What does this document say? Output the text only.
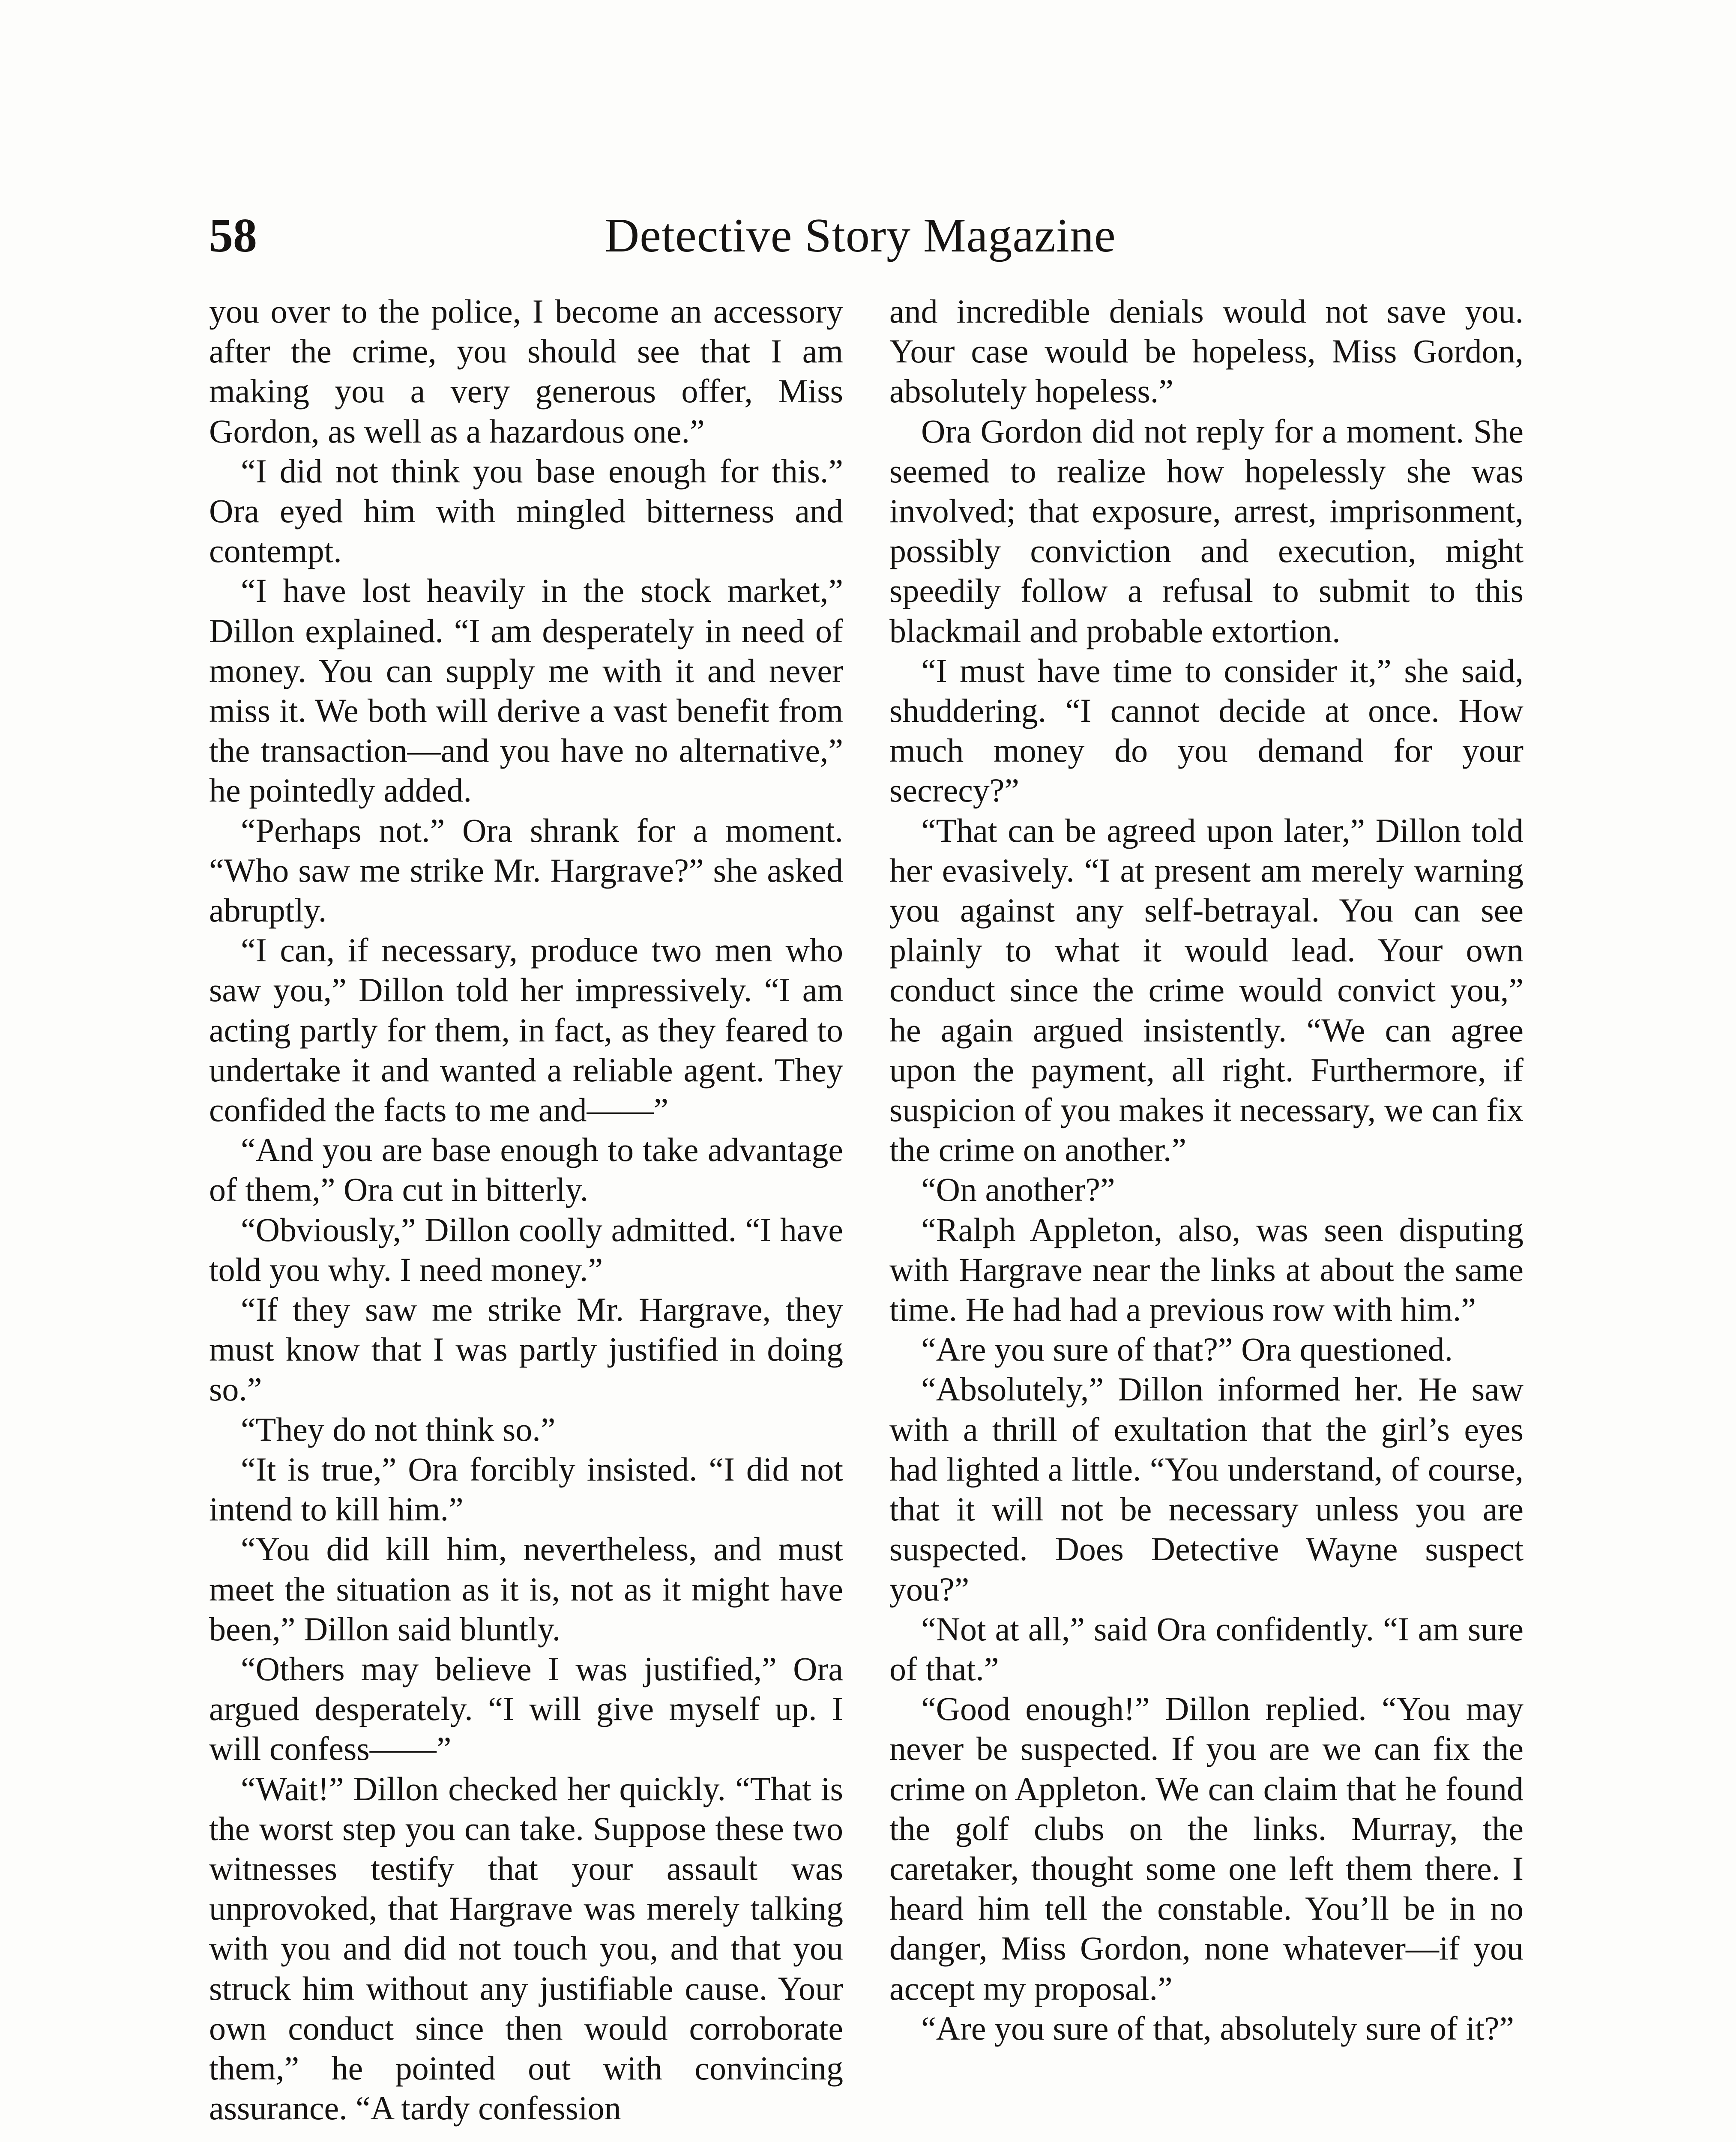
58	Detective Story Magazine

you over to the police, I become an accessory after the crime, you should see that I am making you a very generous offer, Miss Gordon, as well as a hazardous one.”

“I did not think you base enough for this.” Ora eyed him with mingled bitterness and contempt.

“I have lost heavily in the stock market,” Dillon explained. “I am desperately in need of money. You can supply me with it and never miss it. We both will derive a vast benefit from the transaction—and you have no alternative,” he pointedly added.

“Perhaps not.” Ora shrank for a moment. “Who saw me strike Mr. Hargrave?” she asked abruptly.

“I can, if necessary, produce two men who saw you,” Dillon told her impressively. “I am acting partly for them, in fact, as they feared to undertake it and wanted a reliable agent. They confided the facts to me and——”

“And you are base enough to take advantage of them,” Ora cut in bitterly.

“Obviously,” Dillon coolly admitted. “I have told you why. I need money.”

“If they saw me strike Mr. Hargrave, they must know that I was partly justified in doing so.”

“They do not think so.”

“It is true,” Ora forcibly insisted. “I did not intend to kill him.”

“You did kill him, nevertheless, and must meet the situation as it is, not as it might have been,” Dillon said bluntly.

“Others may believe I was justified,” Ora argued desperately. “I will give myself up. I will confess——”

“Wait!” Dillon checked her quickly. “That is the worst step you can take. Suppose these two witnesses testify that your assault was unprovoked, that Hargrave was merely talking with you and did not touch you, and that you struck him without any justifiable cause. Your own conduct since then would corroborate them,” he pointed out with convincing assurance. “A tardy confession

and incredible denials would not save you. Your case would be hopeless, Miss Gordon, absolutely hopeless.”

Ora Gordon did not reply for a moment. She seemed to realize how hopelessly she was involved; that exposure, arrest, imprisonment, possibly conviction and execution, might speedily follow a refusal to submit to this blackmail and probable extortion.

“I must have time to consider it,” she said, shuddering. “I cannot decide at once. How much money do you demand for your secrecy?”

“That can be agreed upon later,” Dillon told her evasively. “I at present am merely warning you against any self-betrayal. You can see plainly to what it would lead. Your own conduct since the crime would convict you,” he again argued insistently. “We can agree upon the payment, all right. Furthermore, if suspicion of you makes it necessary, we can fix the crime on another.”

“On another?”

“Ralph Appleton, also, was seen disputing with Hargrave near the links at about the same time. He had had a previous row with him.”

“Are you sure of that?” Ora questioned.

“Absolutely,” Dillon informed her. He saw with a thrill of exultation that the girl’s eyes had lighted a little. “You understand, of course, that it will not be necessary unless you are suspected. Does Detective Wayne suspect you?”

“Not at all,” said Ora confidently. “I am sure of that.”

“Good enough!” Dillon replied. “You may never be suspected. If you are we can fix the crime on Appleton. We can claim that he found the golf clubs on the links. Murray, the caretaker, thought some one left them there. I heard him tell the constable. You’ll be in no danger, Miss Gordon, none whatever—if you accept my proposal.”

“Are you sure of that, absolutely sure of it?”
